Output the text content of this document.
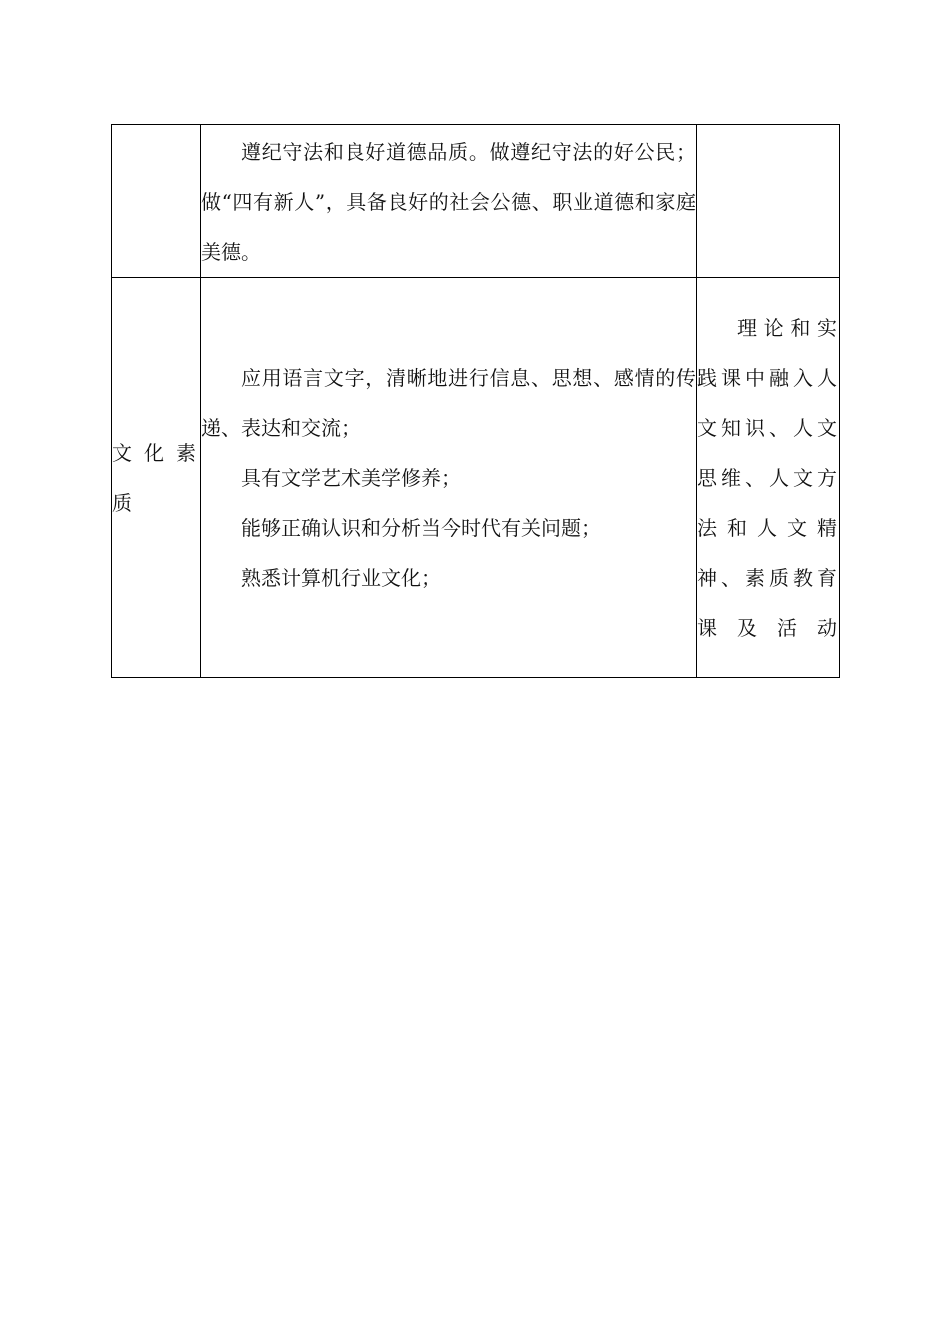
	遵纪守法和良好道德品质。做遵纪守法的好公民；做“四有新人”，具备良好的社会公德、职业道德和家庭美德。	

文化素质	应用语言文字，清晰地进行信息、思想、感情的传递、表达和交流；

具有文学艺术美学修养；

能够正确认识和分析当今时代有关问题；

熟悉计算机行业文化；	理论和实践课中融入人文知识、人文思维、人文方法和人文精神、素质教育课及活动
